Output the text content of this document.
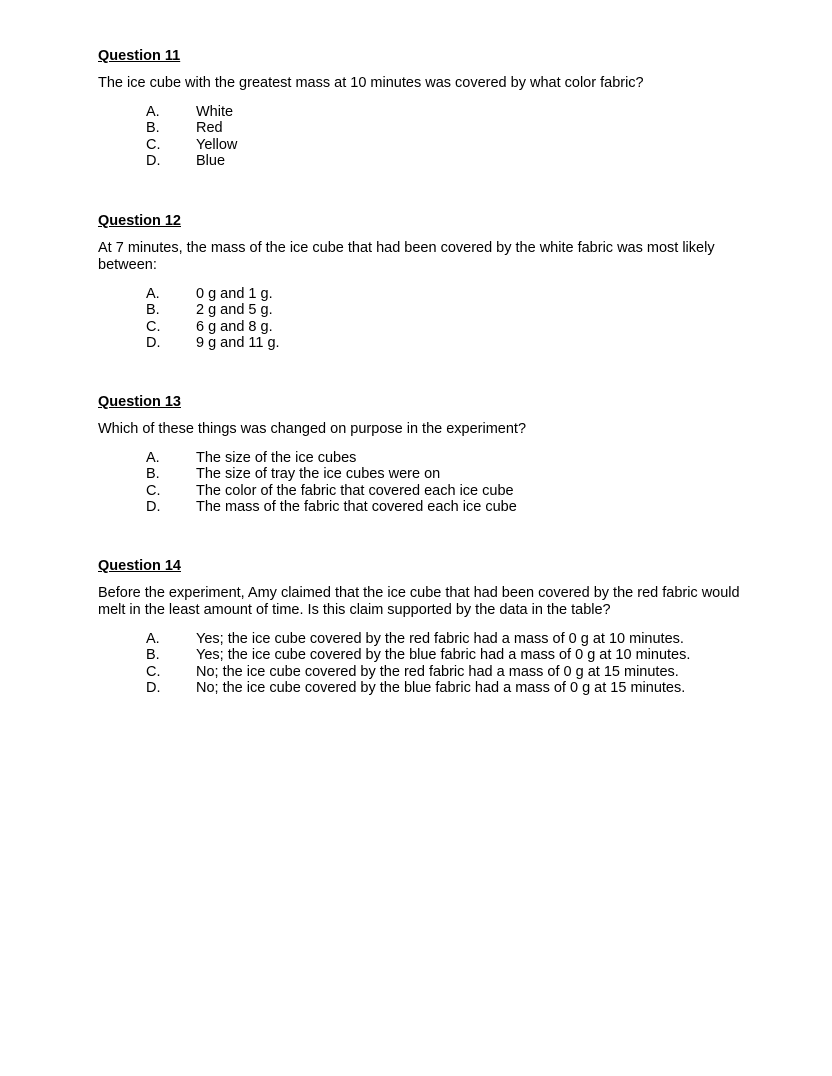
Question 11

The ice cube with the greatest mass at 10 minutes was covered by what color fabric?

A.	White
B.	Red
C.	Yellow
D.	Blue
Question 12

At 7 minutes, the mass of the ice cube that had been covered by the white fabric was most likely between:

A.	0 g and 1 g.
B.	2 g and 5 g.
C.	6 g and 8 g.
D.	9 g and 11 g.
Question 13

Which of these things was changed on purpose in the experiment?

A.	The size of the ice cubes
B.	The size of tray the ice cubes were on
C.	The color of the fabric that covered each ice cube
D.	The mass of the fabric that covered each ice cube
Question 14

Before the experiment, Amy claimed that the ice cube that had been covered by the red fabric would melt in the least amount of time. Is this claim supported by the data in the table?

A.	Yes; the ice cube covered by the red fabric had a mass of 0 g at 10 minutes.
B.	Yes; the ice cube covered by the blue fabric had a mass of 0 g at 10 minutes.
C.	No; the ice cube covered by the red fabric had a mass of 0 g at 15 minutes.
D.	No; the ice cube covered by the blue fabric had a mass of 0 g at 15 minutes.
